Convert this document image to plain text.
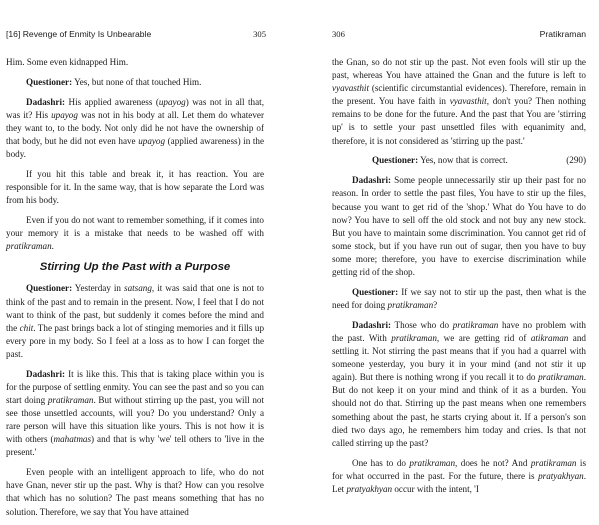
[16] Revenge of Enmity Is Unbearable	305

Him. Some even kidnapped Him.

Questioner: Yes, but none of that touched Him.

Dadashri: His applied awareness (upayog) was not in all that, was it? His upayog was not in his body at all. Let them do whatever they want to, to the body. Not only did he not have the ownership of that body, but he did not even have upayog (applied awareness) in the body.

If you hit this table and break it, it has reaction. You are responsible for it. In the same way, that is how separate the Lord was from his body.

Even if you do not want to remember something, if it comes into your memory it is a mistake that needs to be washed off with pratikraman.

Stirring Up the Past with a Purpose

Questioner: Yesterday in satsang, it was said that one is not to think of the past and to remain in the present. Now, I feel that I do not want to think of the past, but suddenly it comes before the mind and the chit. The past brings back a lot of stinging memories and it fills up every pore in my body. So I feel at a loss as to how I can forget the past.

Dadashri: It is like this. This that is taking place within you is for the purpose of settling enmity. You can see the past and so you can start doing pratikraman. But without stirring up the past, you will not see those unsettled accounts, will you? Do you understand? Only a rare person will have this situation like yours. This is not how it is with others (mahatmas) and that is why 'we' tell others to 'live in the present.'

Even people with an intelligent approach to life, who do not have Gnan, never stir up the past. Why is that? How can you resolve that which has no solution? The past means something that has no solution. Therefore, we say that You have attained

306	Pratikraman

the Gnan, so do not stir up the past. Not even fools will stir up the past, whereas You have attained the Gnan and the future is left to vyavasthit (scientific circumstantial evidences). Therefore, remain in the present. You have faith in vyavasthit, don't you? Then nothing remains to be done for the future. And the past that You are 'stirring up' is to settle your past unsettled files with equanimity and, therefore, it is not considered as 'stirring up the past.'

Questioner: Yes, now that is correct.	(290)

Dadashri: Some people unnecessarily stir up their past for no reason. In order to settle the past files, You have to stir up the files, because you want to get rid of the 'shop.' What do You have to do now? You have to sell off the old stock and not buy any new stock. But you have to maintain some discrimination. You cannot get rid of some stock, but if you have run out of sugar, then you have to buy some more; therefore, you have to exercise discrimination while getting rid of the shop.

Questioner: If we say not to stir up the past, then what is the need for doing pratikraman?

Dadashri: Those who do pratikraman have no problem with the past. With pratikraman, we are getting rid of atikraman and settling it. Not stirring the past means that if you had a quarrel with someone yesterday, you bury it in your mind (and not stir it up again). But there is nothing wrong if you recall it to do pratikraman. But do not keep it on your mind and think of it as a burden. You should not do that. Stirring up the past means when one remembers something about the past, he starts crying about it. If a person's son died two days ago, he remembers him today and cries. Is that not called stirring up the past?

One has to do pratikraman, does he not? And pratikraman is for what occurred in the past. For the future, there is pratyakhyan. Let pratyakhyan occur with the intent, 'I
